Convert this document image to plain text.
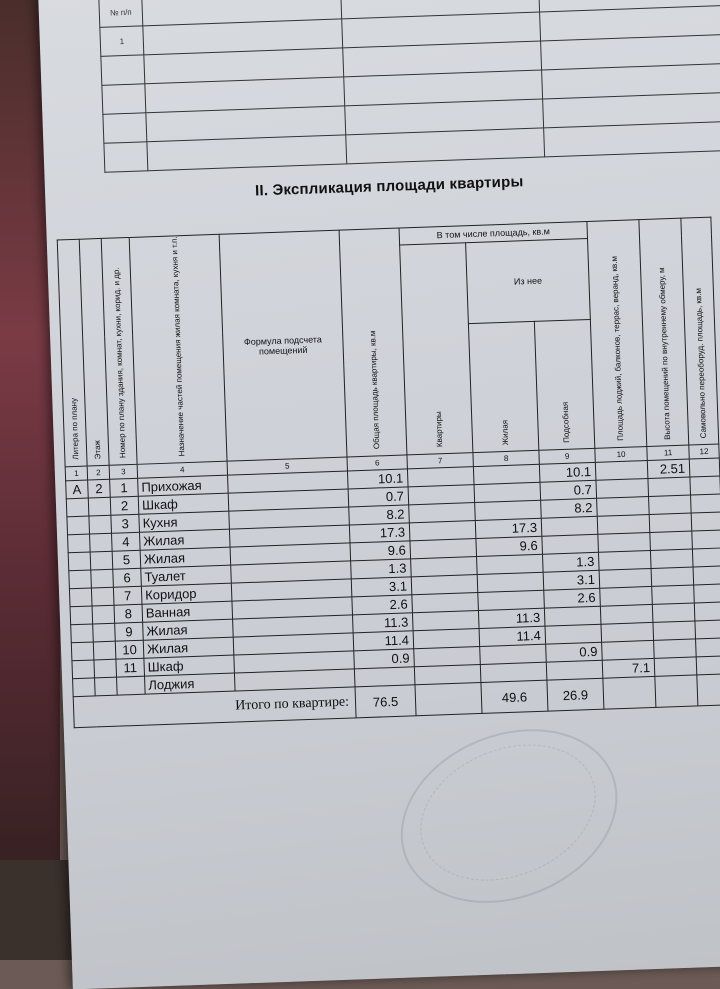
№ п/п			
1			

II. Экспликация площади квартиры
Литера по плану	Этаж	Номер по плану здания, комнат, кухни, корид. и др.	Назначение частей помещения жилая комната, кухня и т.п.	Формула подсчета помещений	Общая площадь квартиры, кв.м	В том числе площадь, кв.м			Площадь лоджий, балконов, террас, веранд, кв.м	Высота помещений по внутреннему обмеру, м	Самовольно переоборуд. площадь, кв.м
						Квартиры	Из нее				
							Жилая	Подсобная			
1	2	3	4	5	6	7	8	9	10	11	12
А	2	1	Прихожая		10.1			10.1		2.51	
		2	Шкаф		0.7			0.7			
		3	Кухня		8.2			8.2			
		4	Жилая		17.3		17.3				
		5	Жилая		9.6		9.6				
		6	Туалет		1.3			1.3			
		7	Коридор		3.1			3.1			
		8	Ванная		2.6			2.6			
		9	Жилая		11.3		11.3				
		10	Жилая		11.4		11.4				
		11	Шкаф		0.9			0.9			
			Лоджия						7.1		
Итого по квартире:					76.5		49.6	26.9			
